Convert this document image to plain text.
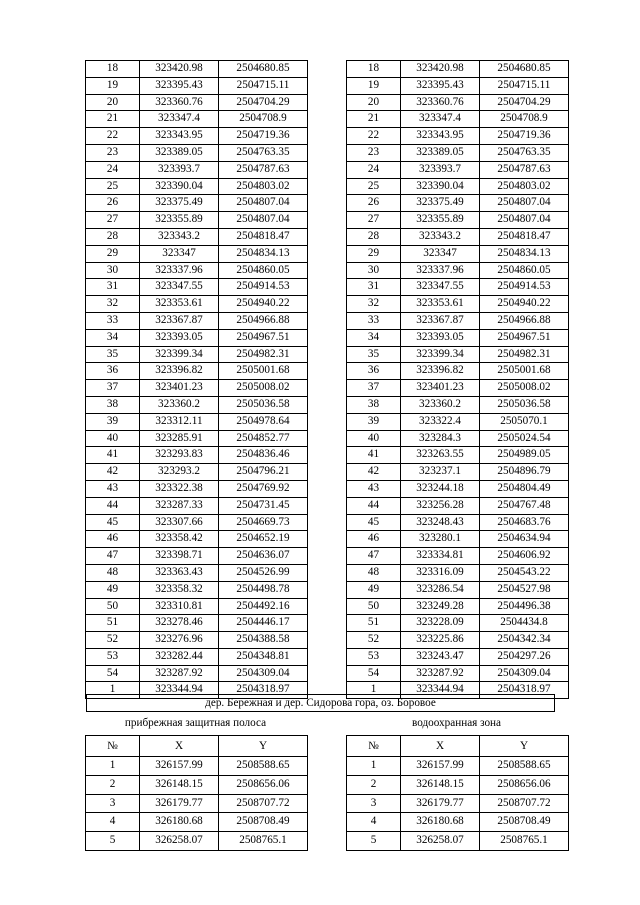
18	323420.98	2504680.85
19	323395.43	2504715.11
20	323360.76	2504704.29
21	323347.4	2504708.9
22	323343.95	2504719.36
23	323389.05	2504763.35
24	323393.7	2504787.63
25	323390.04	2504803.02
26	323375.49	2504807.04
27	323355.89	2504807.04
28	323343.2	2504818.47
29	323347	2504834.13
30	323337.96	2504860.05
31	323347.55	2504914.53
32	323353.61	2504940.22
33	323367.87	2504966.88
34	323393.05	2504967.51
35	323399.34	2504982.31
36	323396.82	2505001.68
37	323401.23	2505008.02
38	323360.2	2505036.58
39	323312.11	2504978.64
40	323285.91	2504852.77
41	323293.83	2504836.46
42	323293.2	2504796.21
43	323322.38	2504769.92
44	323287.33	2504731.45
45	323307.66	2504669.73
46	323358.42	2504652.19
47	323398.71	2504636.07
48	323363.43	2504526.99
49	323358.32	2504498.78
50	323310.81	2504492.16
51	323278.46	2504446.17
52	323276.96	2504388.58
53	323282.44	2504348.81
54	323287.92	2504309.04
1	323344.94	2504318.97
18	323420.98	2504680.85
19	323395.43	2504715.11
20	323360.76	2504704.29
21	323347.4	2504708.9
22	323343.95	2504719.36
23	323389.05	2504763.35
24	323393.7	2504787.63
25	323390.04	2504803.02
26	323375.49	2504807.04
27	323355.89	2504807.04
28	323343.2	2504818.47
29	323347	2504834.13
30	323337.96	2504860.05
31	323347.55	2504914.53
32	323353.61	2504940.22
33	323367.87	2504966.88
34	323393.05	2504967.51
35	323399.34	2504982.31
36	323396.82	2505001.68
37	323401.23	2505008.02
38	323360.2	2505036.58
39	323322.4	2505070.1
40	323284.3	2505024.54
41	323263.55	2504989.05
42	323237.1	2504896.79
43	323244.18	2504804.49
44	323256.28	2504767.48
45	323248.43	2504683.76
46	323280.1	2504634.94
47	323334.81	2504606.92
48	323316.09	2504543.22
49	323286.54	2504527.98
50	323249.28	2504496.38
51	323228.09	2504434.8
52	323225.86	2504342.34
53	323243.47	2504297.26
54	323287.92	2504309.04
1	323344.94	2504318.97
дер. Бережная и дер. Сидорова гора, оз. Боровое
прибрежная защитная полоса	водоохранная зона
№	X	Y
1	326157.99	2508588.65
2	326148.15	2508656.06
3	326179.77	2508707.72
4	326180.68	2508708.49
5	326258.07	2508765.1
№	X	Y
1	326157.99	2508588.65
2	326148.15	2508656.06
3	326179.77	2508707.72
4	326180.68	2508708.49
5	326258.07	2508765.1
